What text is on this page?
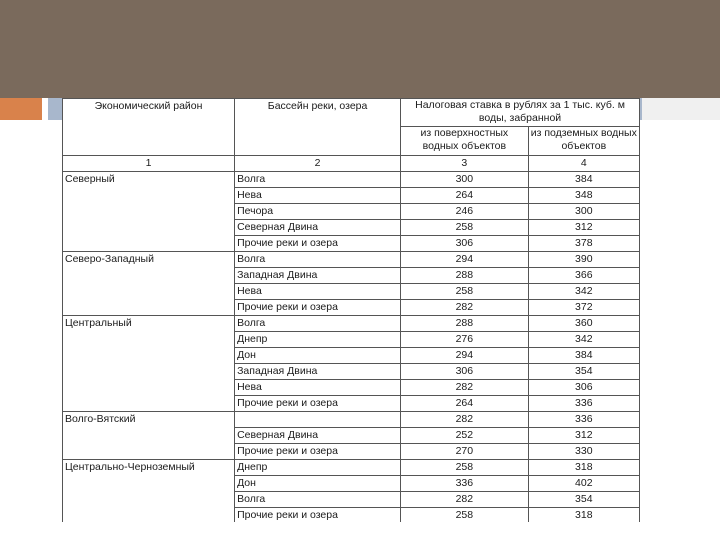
Экономический район	Бассейн реки, озера	Налоговая ставка в рублях за 1 тыс. куб. м воды, забранной	
		из поверхностных водных объектов	из подземных водных объектов
1	2	3	4
Северный	Волга	300	384
	Нева	264	348
	Печора	246	300
	Северная Двина	258	312
	Прочие реки и озера	306	378
Северо-Западный	Волга	294	390
	Западная Двина	288	366
	Нева	258	342
	Прочие реки и озера	282	372
Центральный	Волга	288	360
	Днепр	276	342
	Дон	294	384
	Западная Двина	306	354
	Нева	282	306
	Прочие реки и озера	264	336
Волго-Вятский		282	336
	Северная Двина	252	312
	Прочие реки и озера	270	330
Центрально-Черноземный	Днепр	258	318
	Дон	336	402
	Волга	282	354
	Прочие реки и озера	258	318
